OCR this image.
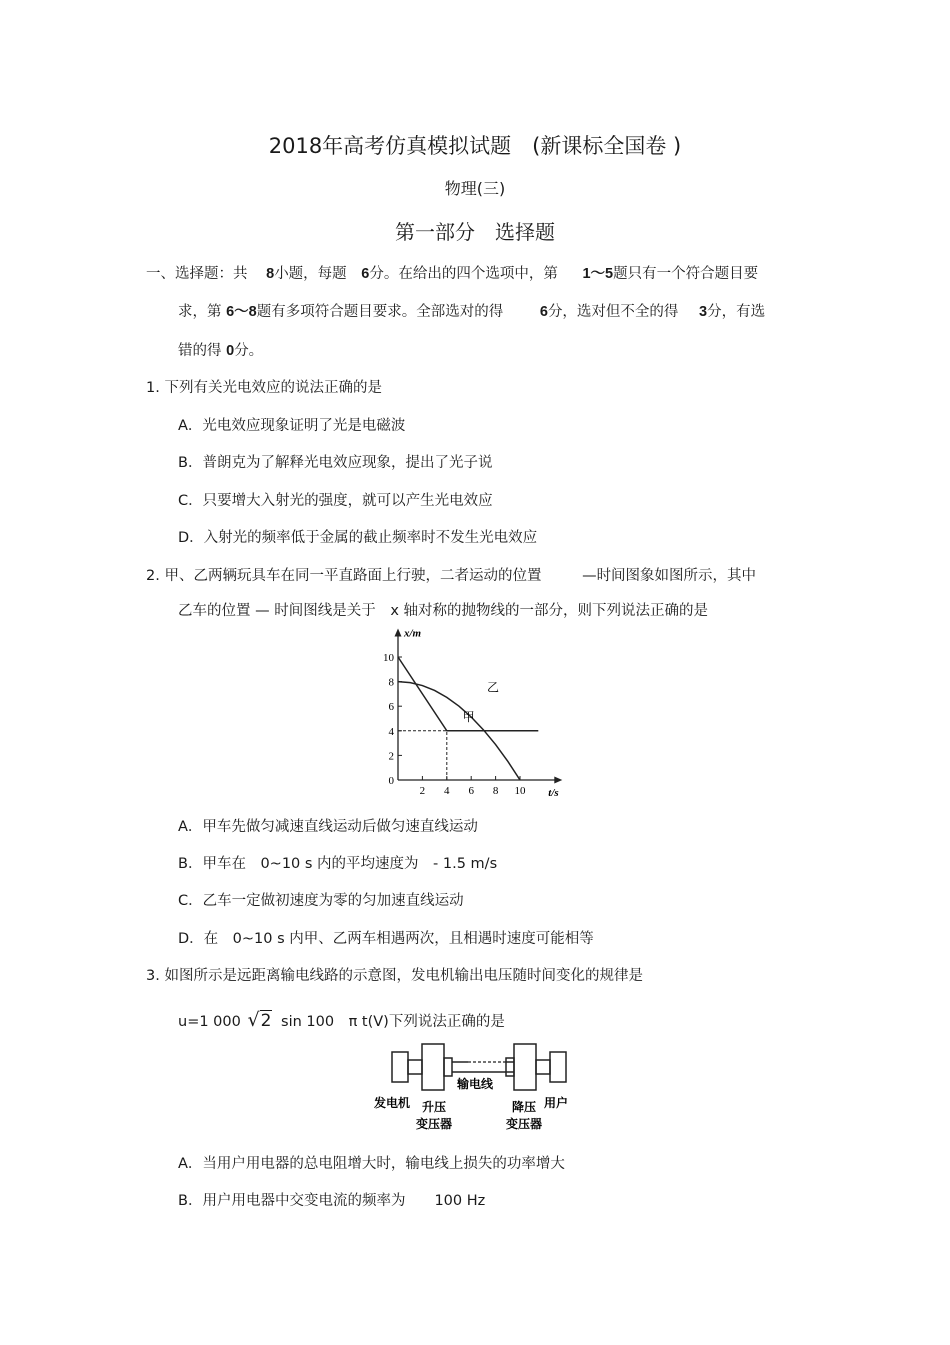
2018年高考仿真模拟试题　(新课标全国卷 )
物理(三)
第一部分　选择题
一、选择题：共 8小题，每题 6分。在给出的四个选项中，第 1～5题只有一个符合题目要
求，第 6～8题有多项符合题目要求。全部选对的得	6分，选对但不全的得 3分，有选
错的得 0分。
1. 下列有关光电效应的说法正确的是
A．光电效应现象证明了光是电磁波
B．普朗克为了解释光电效应现象，提出了光子说
C．只要增大入射光的强度，就可以产生光电效应
D．入射光的频率低于金属的截止频率时不发生光电效应
2. 甲、乙两辆玩具车在同一平直路面上行驶，二者运动的位置	—时间图象如图所示，其中
乙车的位置 — 时间图线是关于 x 轴对称的抛物线的一部分，则下列说法正确的是
x/m
t/s
2 4 6 8 10
0
2
4
6
8
10
甲
乙
A．甲车先做匀减速直线运动后做匀速直线运动
B．甲车在　0~10 s 内的平均速度为　- 1.5 m/s
C．乙车一定做初速度为零的匀加速直线运动
D．在　0~10 s 内甲、乙两车相遇两次，且相遇时速度可能相等
3. 如图所示是远距离输电线路的示意图，发电机输出电压随时间变化的规律是
u=1 000 √2 sin 100　π t(V)下列说法正确的是
输电线
发电机 升压
变压器
降压
变压器
用户
A．当用户用电器的总电阻增大时，输电线上损失的功率增大
B．用户用电器中交变电流的频率为　　100 Hz
